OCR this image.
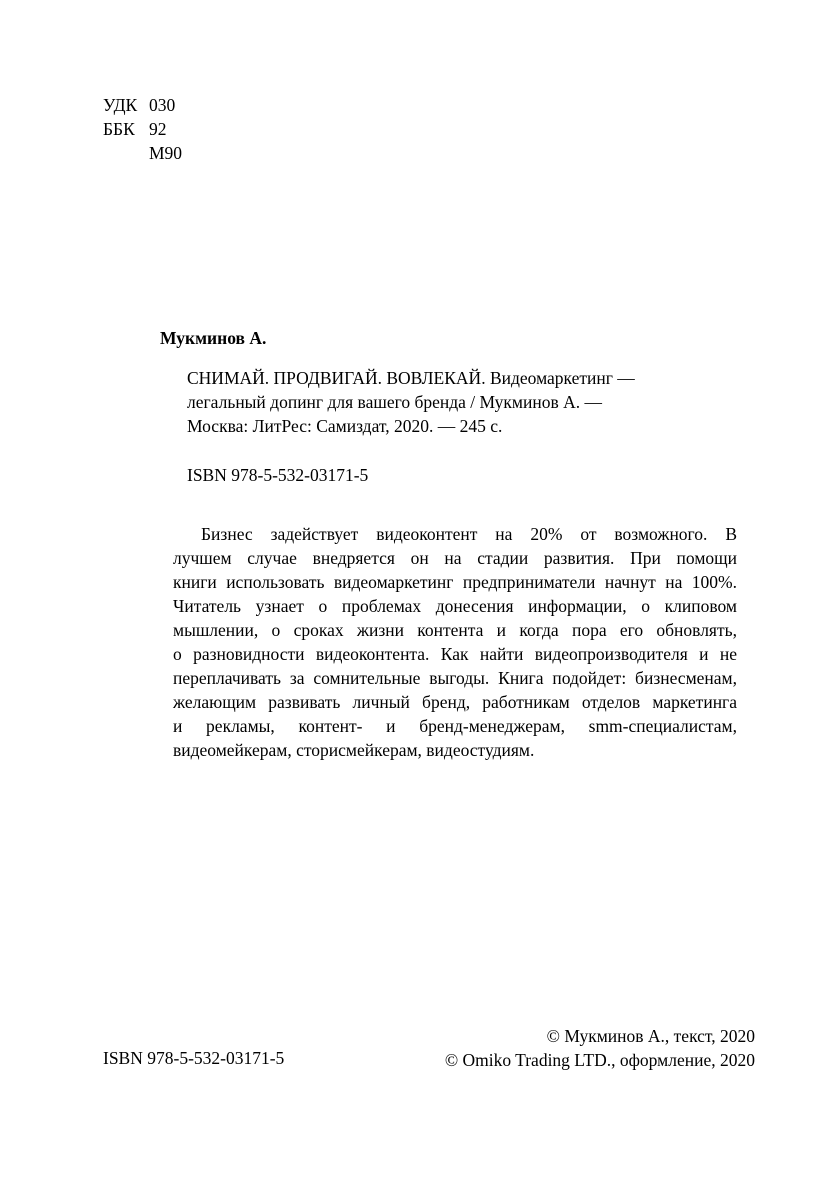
УДК 030
ББК 92
М90
Мукминов А.
СНИМАЙ. ПРОДВИГАЙ. ВОВЛЕКАЙ. Видеомаркетинг —
легальный допинг для вашего бренда / Мукминов А. —
Москва: ЛитРес: Самиздат, 2020. — 245 с.
ISBN 978-5-532-03171-5
Бизнес задействует видеоконтент на 20% от возможного. В
лучшем случае внедряется он на стадии развития. При помощи
книги использовать видеомаркетинг предприниматели начнут на 100%.
Читатель узнает о проблемах донесения информации, о клиповом
мышлении, о сроках жизни контента и когда пора его обновлять,
о разновидности видеоконтента. Как найти видеопроизводителя и не
переплачивать за сомнительные выгоды. Книга подойдет: бизнесменам,
желающим развивать личный бренд, работникам отделов маркетинга
и рекламы, контент- и бренд-менеджерам, smm-специалистам,
видеомейкерам, сторисмейкерам, видеостудиям.
ISBN 978-5-532-03171-5
© Мукминов А., текст, 2020
© Omiko Trading LTD., оформление, 2020
